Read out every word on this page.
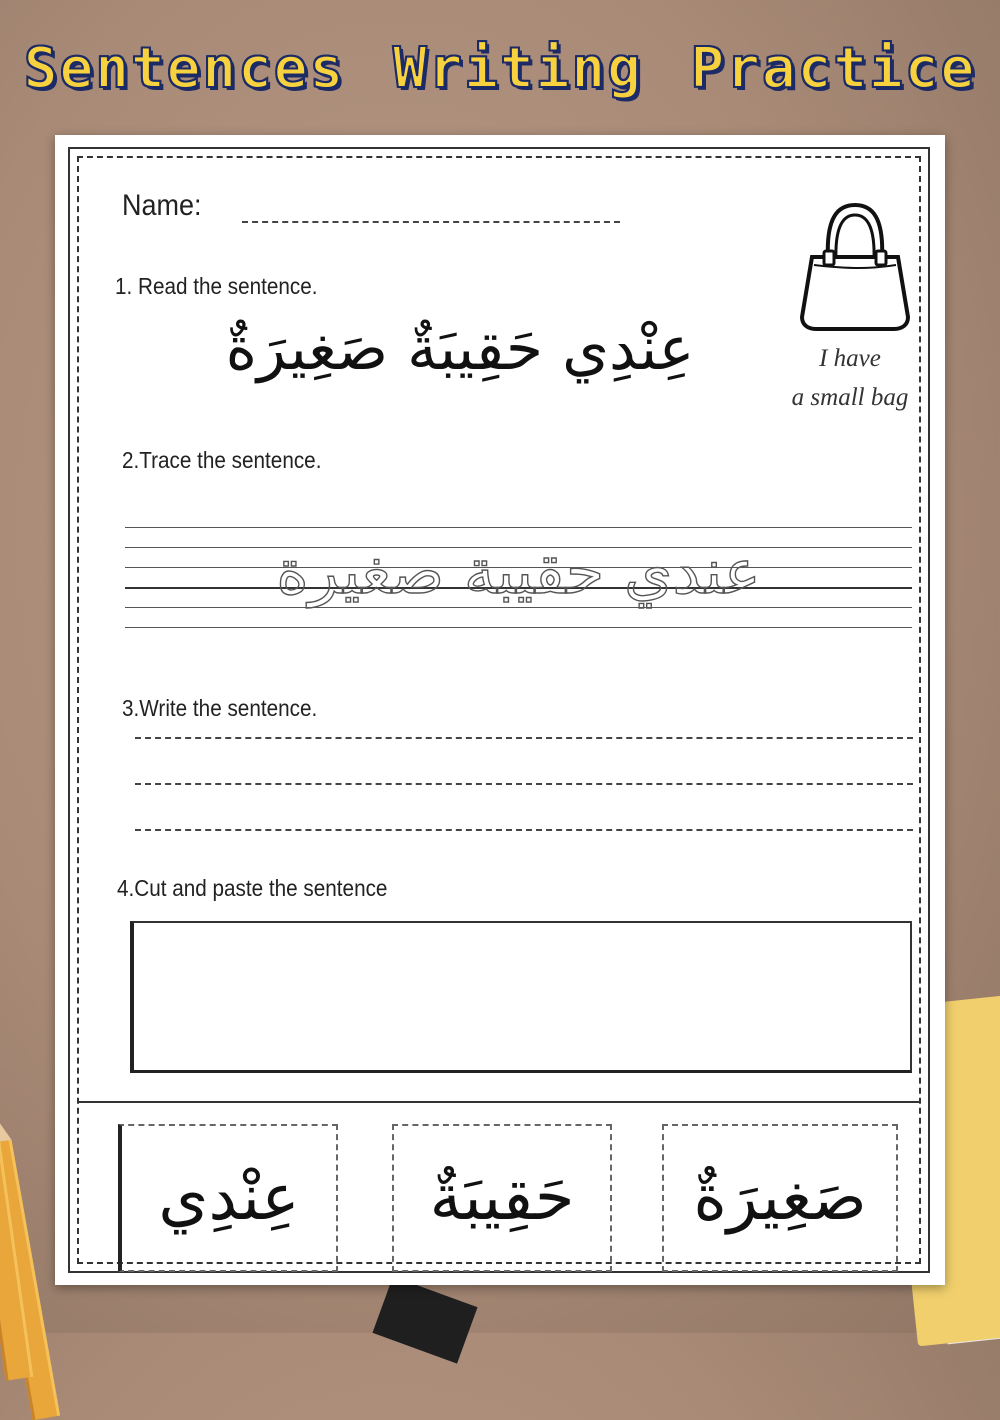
Sentences Writing Practice
Name:
1. Read the sentence.
عِنْدِي حَقِيبَةٌ صَغِيرَةٌ	I have
a small bag
2.Trace the sentence.
عندي حقيبة صغيرة
3.Write the sentence.
4.Cut and paste the sentence
عِنْدِي	حَقِيبَةٌ	صَغِيرَةٌ
